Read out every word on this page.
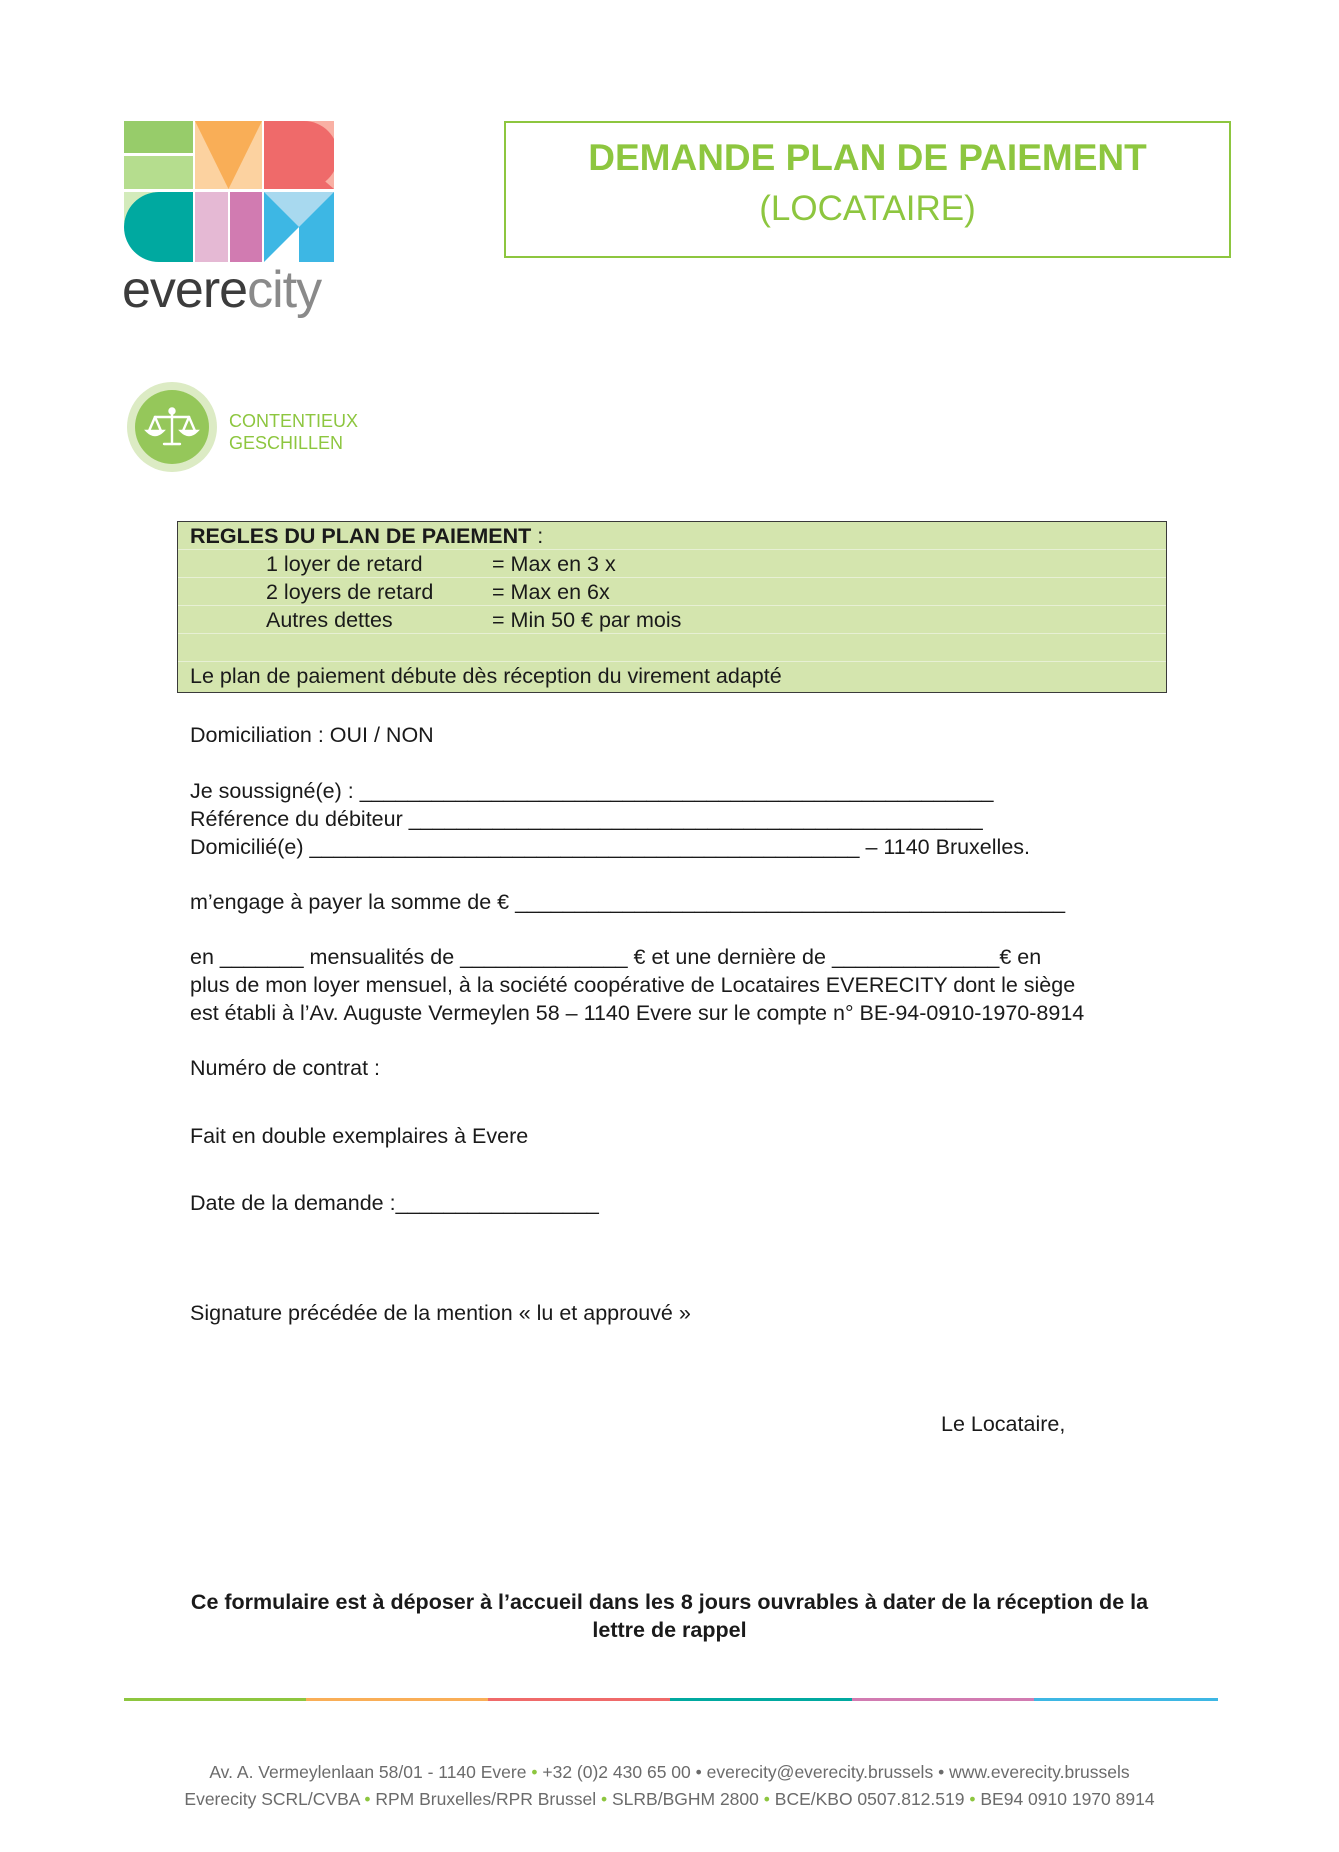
everecity
DEMANDE PLAN DE PAIEMENT
(LOCATAIRE)
CONTENTIEUX
GESCHILLEN
REGLES DU PLAN DE PAIEMENT :
1 loyer de retard	= Max en 3 x
2 loyers de retard	= Max en 6x
Autres dettes	= Min 50 € par mois
Le plan de paiement débute dès réception du virement adapté
Domiciliation : OUI / NON
Je soussigné(e) : _____________________________________________________
Référence du débiteur ________________________________________________
Domicilié(e) ______________________________________________ – 1140 Bruxelles.
m’engage à payer la somme de € ______________________________________________
en _______ mensualités de ______________ € et une dernière de ______________€ en
plus de mon loyer mensuel, à la société coopérative de Locataires EVERECITY dont le siège
est établi à l’Av. Auguste Vermeylen 58 – 1140 Evere sur le compte n° BE-94-0910-1970-8914
Numéro de contrat :
Fait en double exemplaires à Evere
Date de la demande :_________________
Signature précédée de la mention « lu et approuvé »
Le Locataire,
Ce formulaire est à déposer à l’accueil dans les 8 jours ouvrables à dater de la réception de la
lettre de rappel
Av. A. Vermeylenlaan 58/01 - 1140 Evere • +32 (0)2 430 65 00 • everecity@everecity.brussels • www.everecity.brussels
Everecity SCRL/CVBA • RPM Bruxelles/RPR Brussel • SLRB/BGHM 2800 • BCE/KBO 0507.812.519 • BE94 0910 1970 8914
